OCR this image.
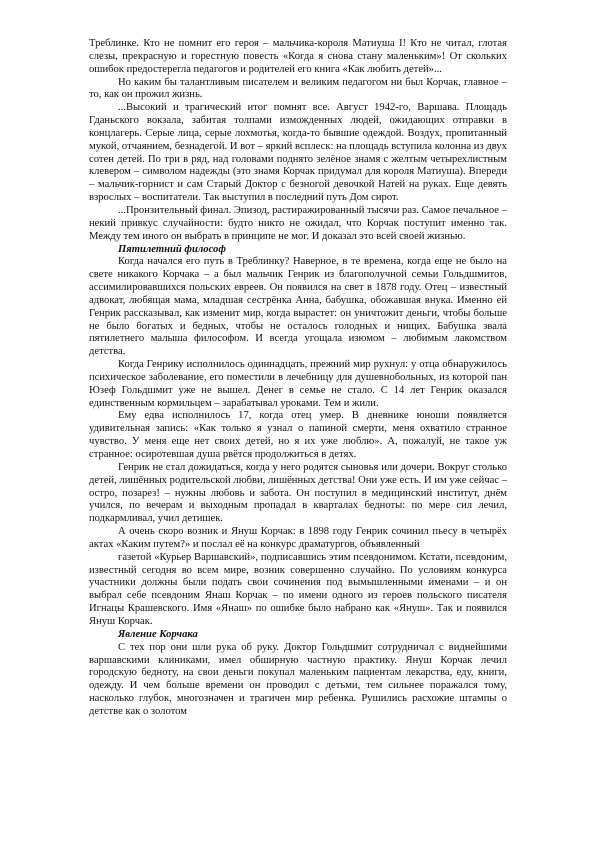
Треблинке. Кто не помнит его героя – мальчика-короля Матиуша I! Кто не читал, глотая слезы, прекрасную и горестную повесть «Когда я снова стану маленьким»! От скольких ошибок предостерегла педагогов и родителей его книга «Как любить детей»...

Но каким бы талантливым писателем и великим педагогом ни был Корчак, главное – то, как он прожил жизнь.

...Высокий и трагический итог помнят все. Август 1942-го, Варшава. Площадь Гданьского вокзала, забитая толпами изможденных людей, ожидающих отправки в концлагерь. Серые лица, серые лохмотья, когда-то бывшие одеждой. Воздух, пропитанный мукой, отчаянием, безнадегой. И вот – яркий всплеск: на площадь вступила колонна из двух сотен детей. По три в ряд, над головами поднято зелёное знамя с желтым четырехлистным клевером – символом надежды (это знамя Корчак придумал для короля Матиуша). Впереди – мальчик-горнист и сам Старый Доктор с безногой девочкой Натей на руках. Еще девять взрослых – воспитатели. Так выступил в последний путь Дом сирот.

...Пронзительный финал. Эпизод, растиражированный тысячи раз. Самое печальное – некий привкус случайности: будто никто не ожидал, что Корчак поступит именно так. Между тем иного он выбрать в принципе не мог. И доказал это всей своей жизнью.

Пятилетний философ

Когда начался его путь в Треблинку? Наверное, в те времена, когда еще не было на свете никакого Корчака – а был мальчик Генрик из благополучной семьи Гольдшмитов, ассимилировавшихся польских евреев. Он появился на свет в 1878 году. Отец – известный адвокат, любящая мама, младшая сестрёнка Анна, бабушка, обожавшая внука. Именно ей Генрик рассказывал, как изменит мир, когда вырастет: он уничтожит деньги, чтобы больше не было богатых и бедных, чтобы не осталось голодных и нищих. Бабушка звала пятилетнего малыша философом. И всегда угощала изюмом – любимым лакомством детства.

Когда Генрику исполнилось одиннадцать, прежний мир рухнул: у отца обнаружилось психическое заболевание, его поместили в лечебницу для душевнобольных, из которой пан Юзеф Гольдшмит уже не вышел. Денег в семье не стало. С 14 лет Генрик оказался единственным кормильцем – зарабатывал уроками. Тем и жили.

Ему едва исполнилось 17, когда отец умер. В дневнике юноши появляется удивительная запись: «Как только я узнал о папиной смерти, меня охватило странное чувство. У меня еще нет своих детей, но я их уже люблю». А, пожалуй, не такое уж странное: осиротевшая душа рвётся продолжиться в детях.

Генрик не стал дожидаться, когда у него родятся сыновья или дочери. Вокруг столько детей, лишённых родительской любви, лишённых детства! Они уже есть. И им уже сейчас – остро, позарез! – нужны любовь и забота. Он поступил в медицинский институт, днём учился, по вечерам и выходным пропадал в кварталах бедноты: по мере сил лечил, подкармливал, учил детишек.

А очень скоро возник и Януш Корчак: в 1898 году Генрик сочинил пьесу в четырёх актах «Каким путем?» и послал её на конкурс драматургов, объявленный

газетой «Курьер Варшавский», подписавшись этим псевдонимом. Кстати, псевдоним, известный сегодня во всем мире, возник совершенно случайно. По условиям конкурса участники должны были подать свои сочинения под вымышленными именами – и он выбрал себе псевдоним Янаш Корчак – по имени одного из героев польского писателя Игнацы Крашевского. Имя «Янаш» по ошибке было набрано как «Януш». Так и появился Януш Корчак.

Явление Корчака

С тех пор они шли рука об руку. Доктор Гольдшмит сотрудничал с виднейшими варшавскими клиниками, имел обширную частную практику. Януш Корчак лечил городскую бедноту, на свои деньги покупал маленьким пациентам лекарства, еду, книги, одежду. И чем больше времени он проводил с детьми, тем сильнее поражался тому, насколько глубок, многозначен и трагичен мир ребенка. Рушились расхожие штампы о детстве как о золотом
